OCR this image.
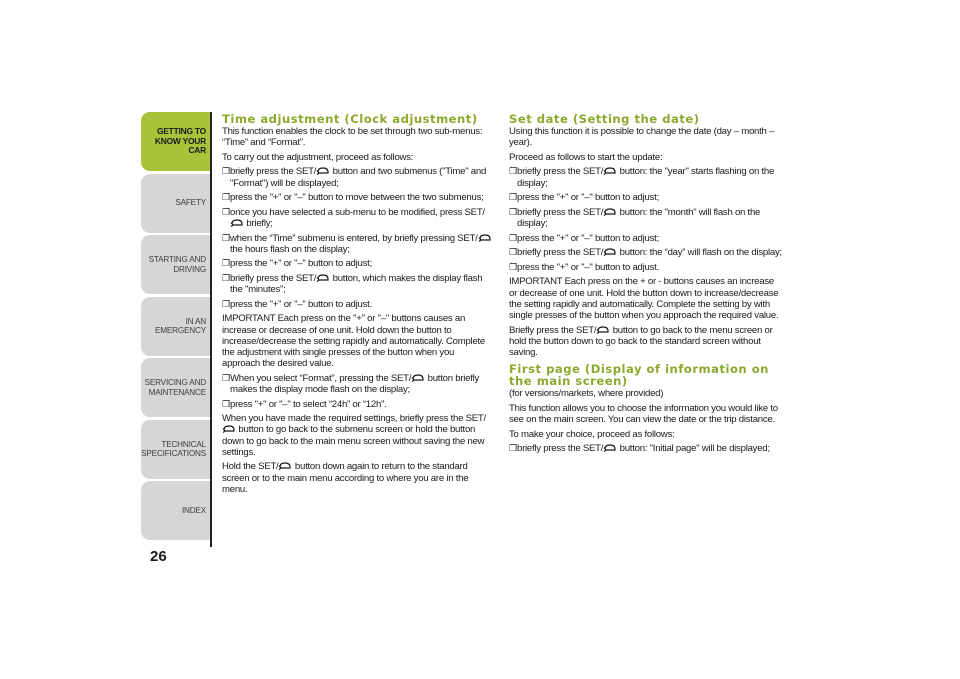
GETTING TO
KNOW YOUR CAR
SAFETY
STARTING AND
DRIVING
IN AN EMERGENCY
SERVICING AND
MAINTENANCE
TECHNICAL
SPECIFICATIONS
INDEX
26
Time adjustment (Clock adjustment)

This function enables the clock to be set through two sub-menus: “Time” and “Format”.

To carry out the adjustment, proceed as follows:

❐ briefly press the SET/ button and two submenus ("Time" and "Format") will be displayed;
❐ press the "+" or "–" button to move between the two submenus;
❐ once you have selected a sub-menu to be modified, press SET/ briefly;
❐ when the “Time” submenu is entered, by briefly pressing SET/ the hours flash on the display;
❐ press the "+" or "–" button to adjust;
❐ briefly press the SET/ button, which makes the display flash the "minutes";
❐ press the "+" or "–" button to adjust.

IMPORTANT Each press on the "+" or "–" buttons causes an increase or decrease of one unit. Hold down the button to increase/decrease the setting rapidly and automatically. Complete the adjustment with single presses of the button when you approach the desired value.

❐ When you select “Format”, pressing the SET/ button briefly makes the display mode flash on the display;
❐ press "+" or "–" to select “24h” or “12h”.

When you have made the required settings, briefly press the SET/ button to go back to the submenu screen or hold the button down to go back to the main menu screen without saving the new settings.

Hold the SET/ button down again to return to the standard screen or to the main menu according to where you are in the menu.

Set date (Setting the date)

Using this function it is possible to change the date (day – month – year).

Proceed as follows to start the update:

❐ briefly press the SET/ button: the "year" starts flashing on the display;
❐ press the "+" or "–" button to adjust;
❐ briefly press the SET/ button: the "month" will flash on the display;
❐ press the "+" or "–" button to adjust;
❐ briefly press the SET/ button: the “day” will flash on the display;
❐ press the "+" or "–" button to adjust.

IMPORTANT Each press on the + or - buttons causes an increase or decrease of one unit. Hold the button down to increase/decrease the setting rapidly and automatically. Complete the setting by with single presses of the button when you approach the required value.

Briefly press the SET/ button to go back to the menu screen or hold the button down to go back to the standard screen without saving.

First page (Display of information on the main screen)

(for versions/markets, where provided)

This function allows you to choose the information you would like to see on the main screen. You can view the date or the trip distance.

To make your choice, proceed as follows:

❐ briefly press the SET/ button: "Initial page" will be displayed;
